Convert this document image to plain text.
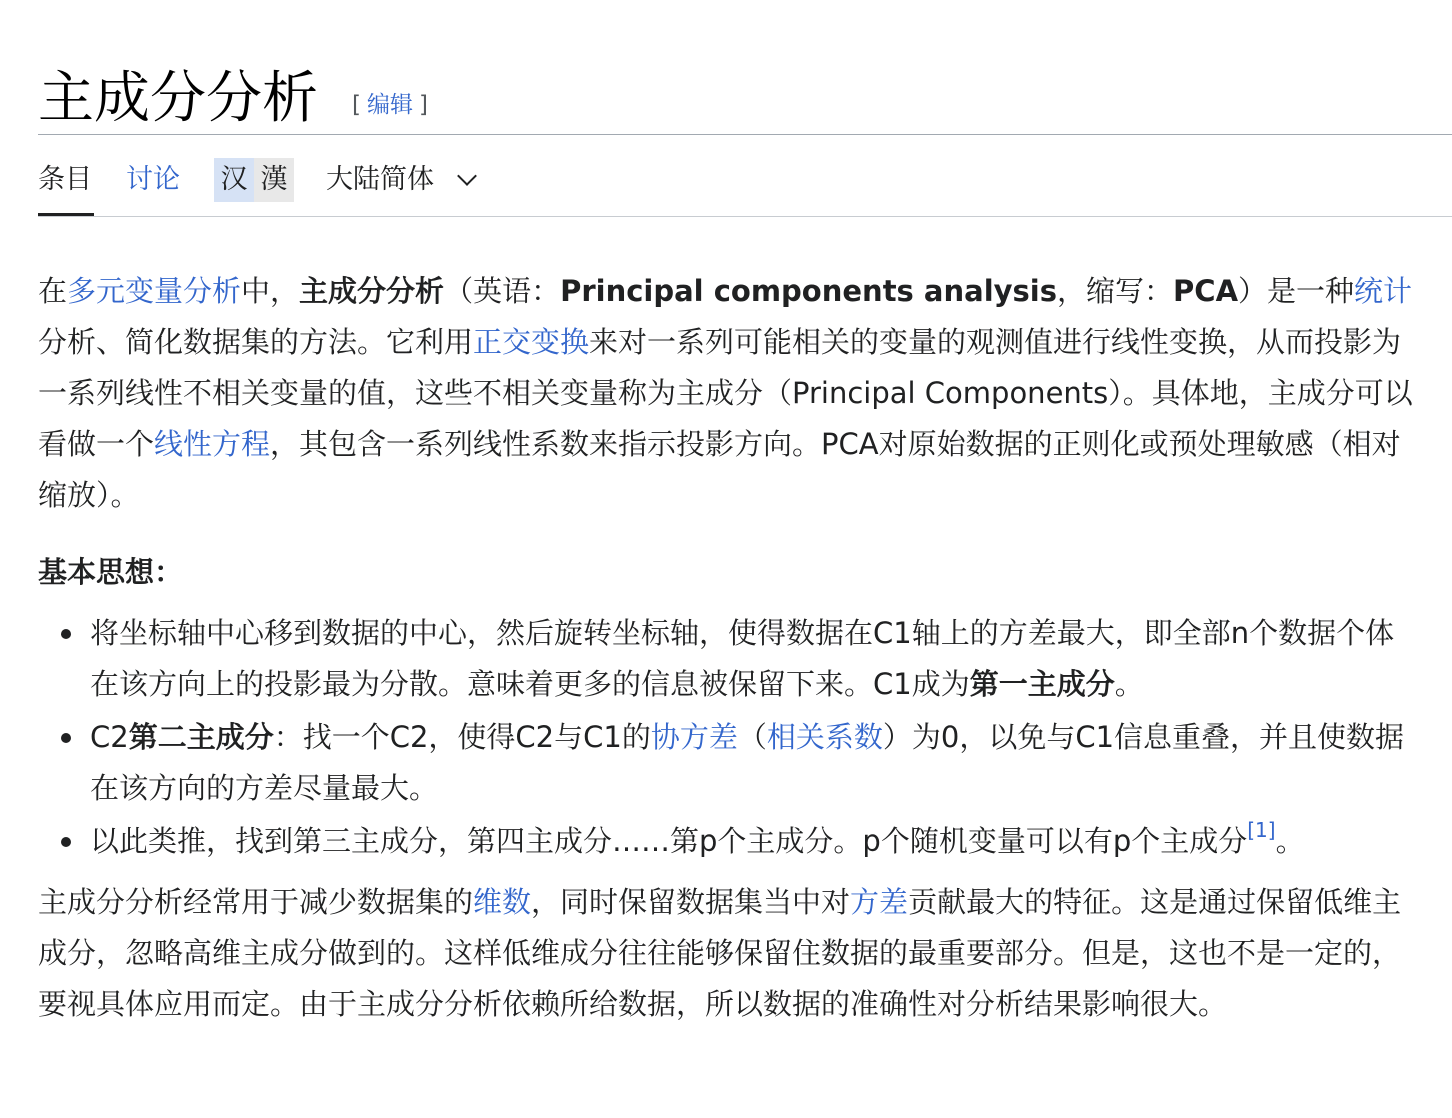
主成分分析 [ 编辑 ]
条目 讨论 汉 漢 大陆简体

在多元变量分析中，主成分分析（英语：Principal components analysis，缩写：PCA）是一种统计分析、简化数据集的方法。它利用正交变换来对一系列可能相关的变量的观测值进行线性变换，从而投影为一系列线性不相关变量的值，这些不相关变量称为主成分（Principal Components）。具体地，主成分可以看做一个线性方程，其包含一系列线性系数来指示投影方向。PCA对原始数据的正则化或预处理敏感（相对缩放）。

基本思想：

将坐标轴中心移到数据的中心，然后旋转坐标轴，使得数据在C1轴上的方差最大，即全部n个数据个体在该方向上的投影最为分散。意味着更多的信息被保留下来。C1成为第一主成分。
C2第二主成分：找一个C2，使得C2与C1的协方差（相关系数）为0，以免与C1信息重叠，并且使数据在该方向的方差尽量最大。
以此类推，找到第三主成分，第四主成分……第p个主成分。p个随机变量可以有p个主成分[1]。

主成分分析经常用于减少数据集的维数，同时保留数据集当中对方差贡献最大的特征。这是通过保留低维主成分，忽略高维主成分做到的。这样低维成分往往能够保留住数据的最重要部分。但是，这也不是一定的，要视具体应用而定。由于主成分分析依赖所给数据，所以数据的准确性对分析结果影响很大。
